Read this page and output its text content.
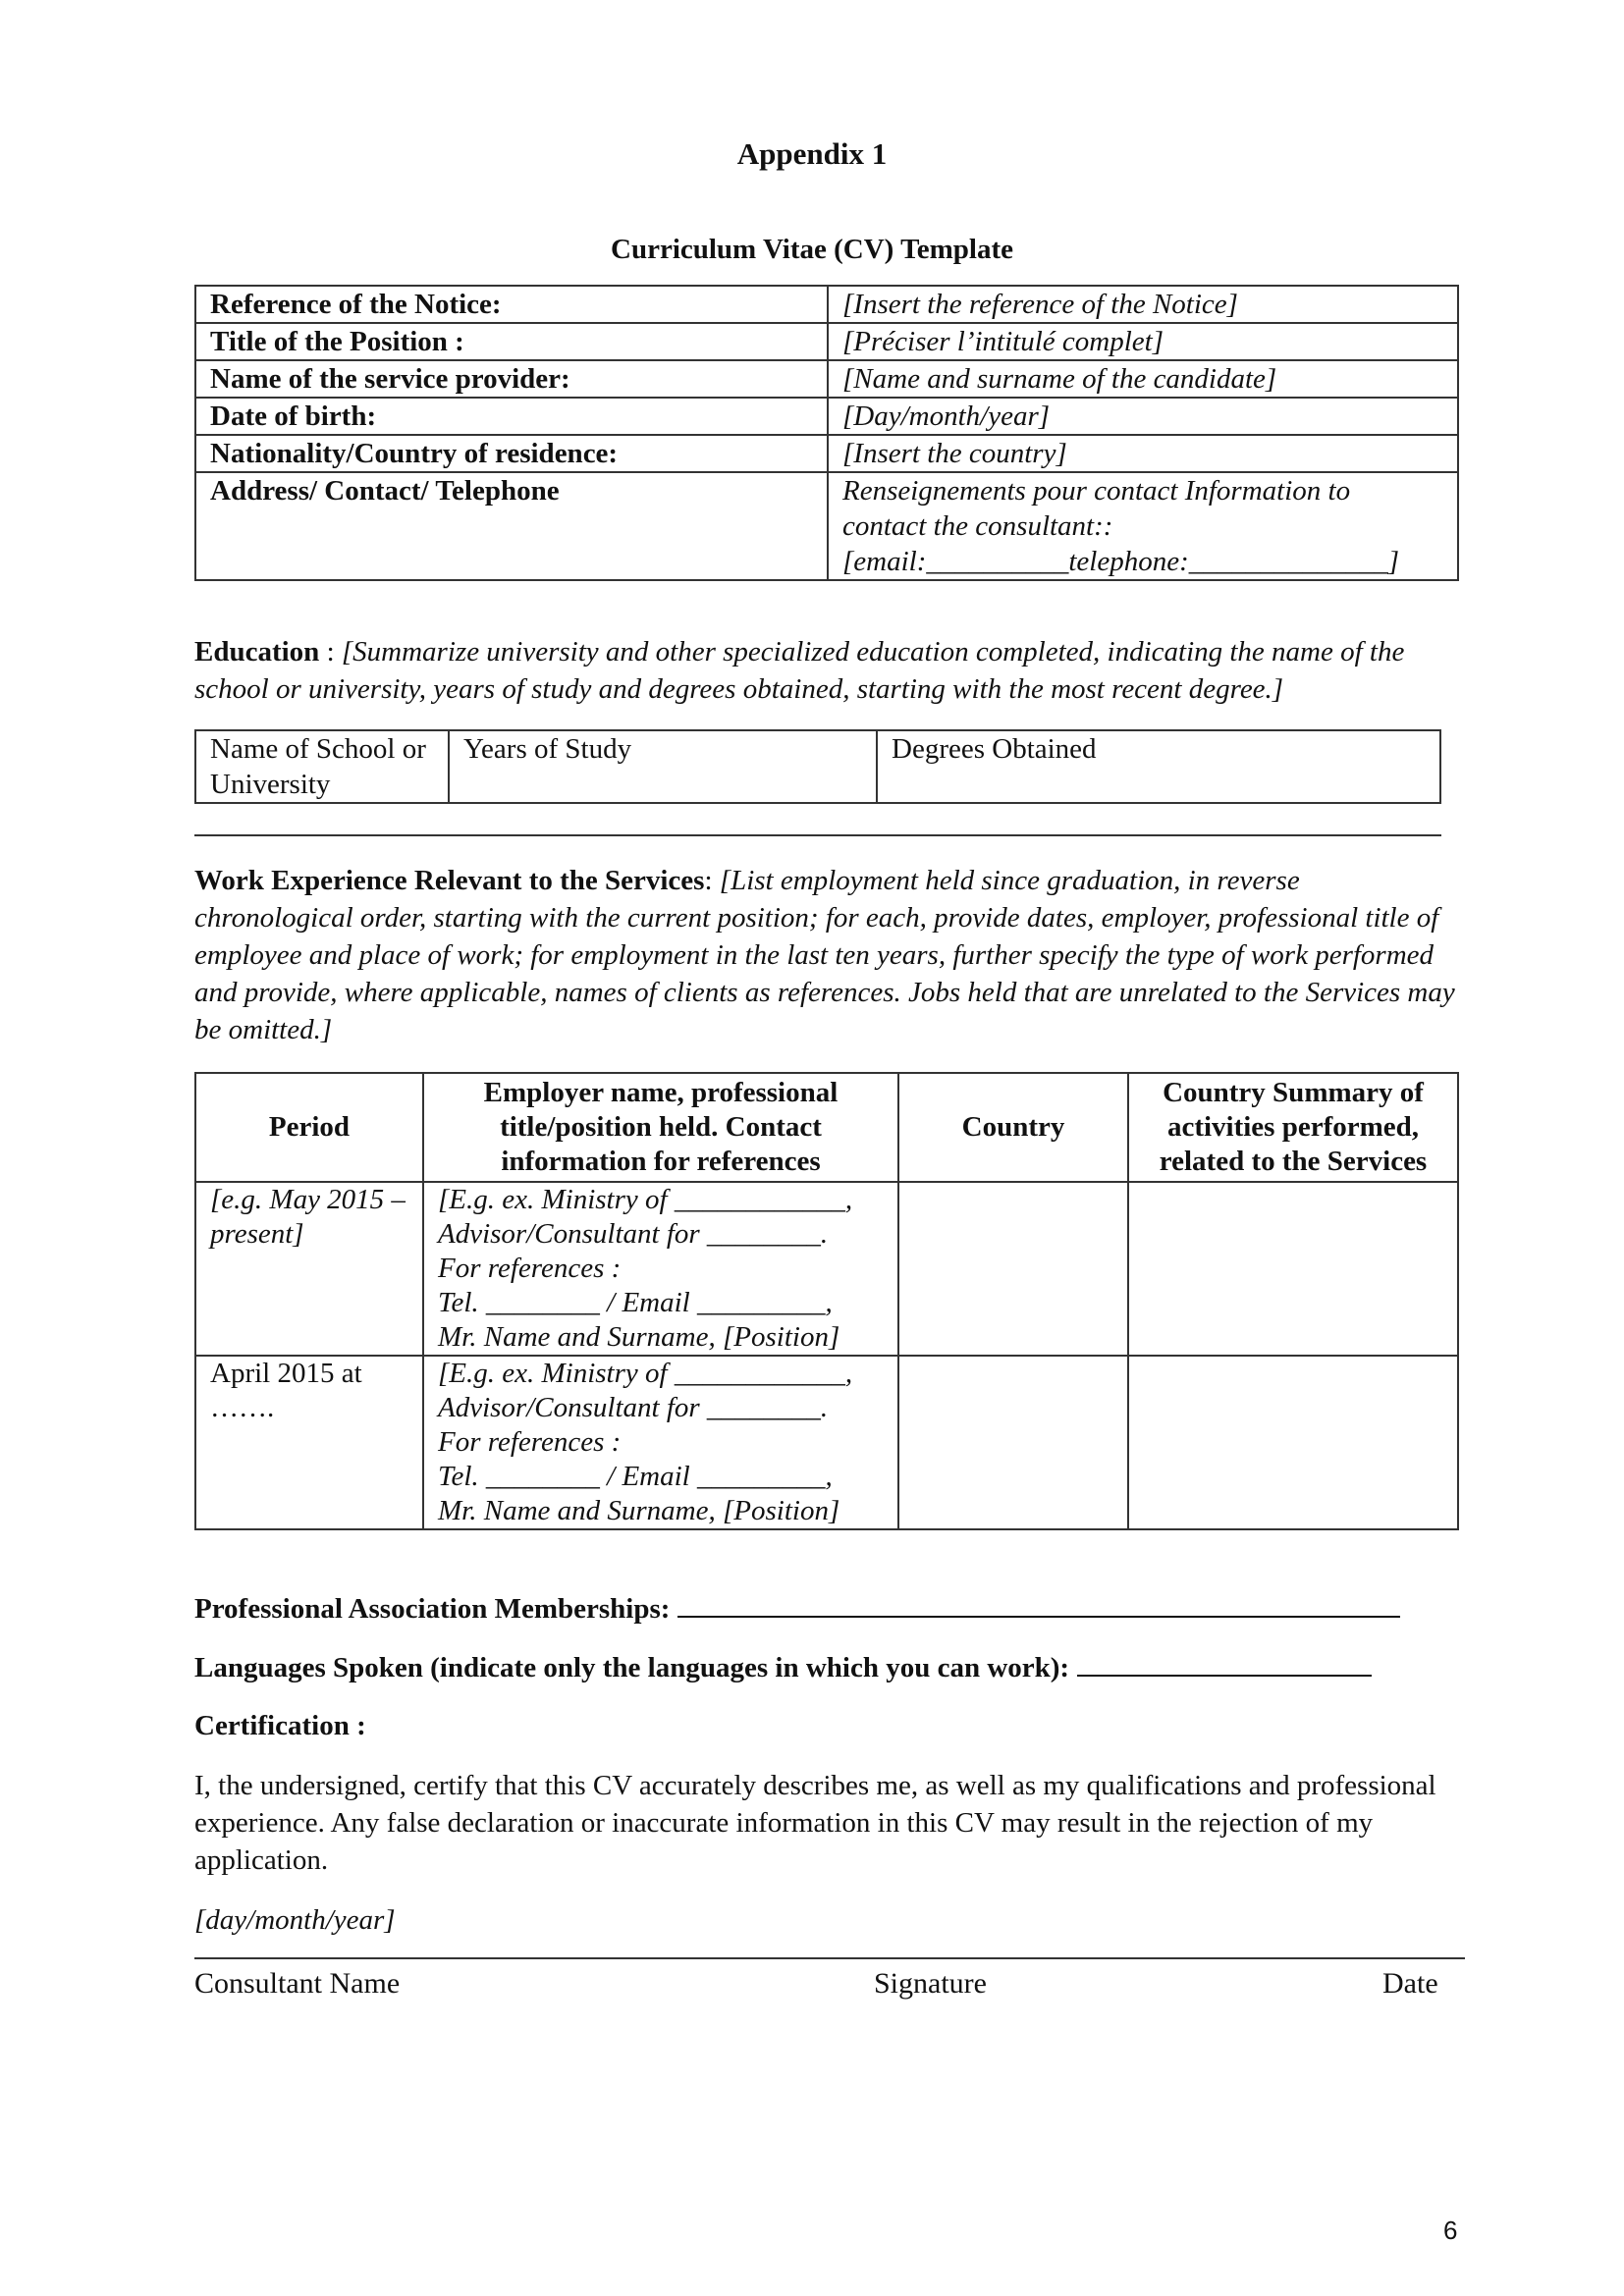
Appendix 1
Curriculum Vitae (CV) Template
Reference of the Notice:	[Insert the reference of the Notice]
Title of the Position :	[Préciser l’intitulé complet]
Name of the service provider:	[Name and surname of the candidate]
Date of birth:	[Day/month/year]
Nationality/Country of residence:	[Insert the country]
Address/ Contact/ Telephone	Renseignements pour contact Information to
contact the consultant::
[email:__________telephone:______________]
Education : [Summarize university and other specialized education completed, indicating the name of the school or university, years of study and degrees obtained, starting with the most recent degree.]
Name of School or University	Years of Study	Degrees Obtained
Work Experience Relevant to the Services: [List employment held since graduation, in reverse chronological order, starting with the current position; for each, provide dates, employer, professional title of employee and place of work; for employment in the last ten years, further specify the type of work performed and provide, where applicable, names of clients as references. Jobs held that are unrelated to the Services may be omitted.]
Period	Employer name, professional title/position held. Contact information for references	Country	Country Summary of activities performed, related to the Services
[e.g. May 2015 – present]	[E.g. ex. Ministry of ____________,
Advisor/Consultant for ________.
For references :
Tel. ________ / Email _________,
Mr. Name and Surname, [Position]		

April 2015 at …….	[E.g. ex. Ministry of ____________,
Advisor/Consultant for ________.
For references :
Tel. ________ / Email _________,
Mr. Name and Surname, [Position]		

Professional Association Memberships:
Languages Spoken (indicate only the languages in which you can work):
Certification :
I, the undersigned, certify that this CV accurately describes me, as well as my qualifications and professional experience. Any false declaration or inaccurate information in this CV may result in the rejection of my application.
[day/month/year]
Consultant Name	Signature	Date
6
